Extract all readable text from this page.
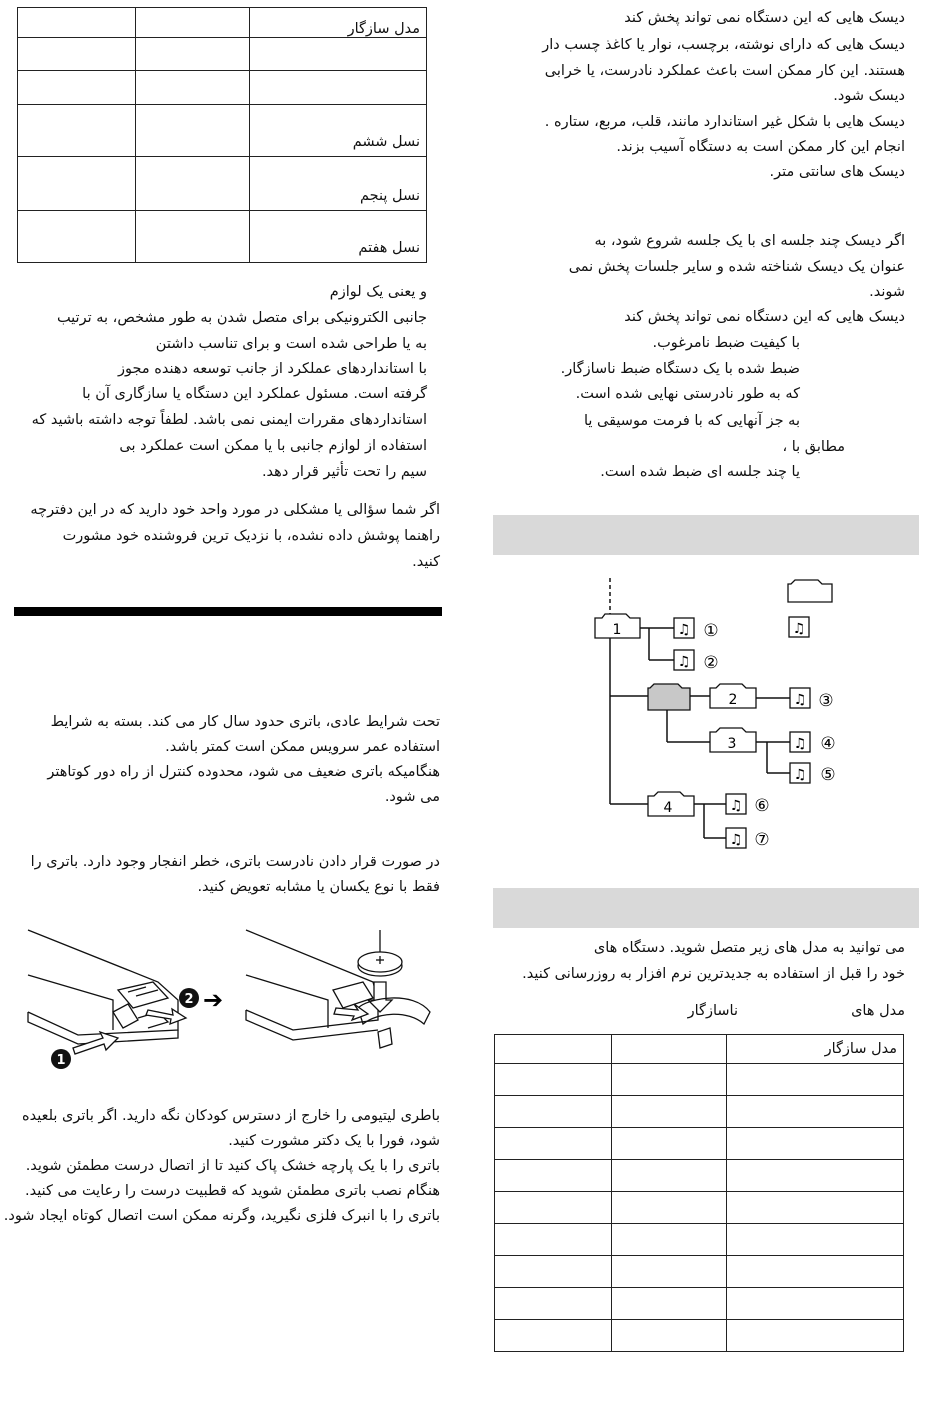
		مدل سازگار

		نسل ششم
		نسل پنجم
		نسل هفتم
و یعنی یک لوازم
جانبی الکترونیکی برای متصل شدن به طور مشخص، به ترتیب
به یا طراحی شده است و برای تناسب داشتن
با استانداردهای عملکرد از جانب توسعه دهنده مجوز
گرفته است. مسئول عملکرد این دستگاه یا سازگاری آن با
استانداردهای مقررات ایمنی نمی باشد. لطفاً توجه داشته باشید که
استفاده از لوازم جانبی با یا ممکن است عملکرد بی
سیم را تحت تأثیر قرار دهد.
اگر شما سؤالی یا مشکلی در مورد واحد خود دارید که در این دفترچه
راهنما پوشش داده نشده، با نزدیک ترین فروشنده خود مشورت
کنید.
تحت شرایط عادی، باتری حدود سال کار می کند. بسته به شرایط
استفاده عمر سرویس ممکن است کمتر باشد.
هنگامیکه باتری ضعیف می شود، محدوده کنترل از راه دور کوتاهتر
می شود.
در صورت قرار دادن نادرست باتری، خطر انفجار وجود دارد. باتری را
فقط با نوع یکسان یا مشابه تعویض کنید.
1
2 ➔
باطری لیتیومی را خارج از دسترس کودکان نگه دارید. اگر باتری بلعیده
شود، فورا با یک دکتر مشورت کنید.
باتری را با یک پارچه خشک پاک کنید تا از اتصال درست مطمئن شوید.
هنگام نصب باتری مطمئن شوید که قطبیت درست را رعایت می کنید.
باتری را با انبرک فلزی نگیرید، وگرنه ممکن است اتصال کوتاه ایجاد شود.
دیسک هایی که این دستگاه نمی تواند پخش کند
دیسک هایی که دارای نوشته، برچسب، نوار یا کاغذ چسب دار
هستند. این کار ممکن است باعث عملکرد نادرست، یا خرابی
دیسک شود.
دیسک هایی با شکل غیر استاندارد مانند، قلب، مربع، ستاره .
انجام این کار ممکن است به دستگاه آسیب بزند.
دیسک های سانتی متر.
اگر دیسک چند جلسه ای با یک جلسه شروع شود، به
عنوان یک دیسک شناخته شده و سایر جلسات پخش نمی
شوند.
دیسک هایی که این دستگاه نمی تواند پخش کند
با کیفیت ضبط نامرغوب.
ضبط شده با یک دستگاه ضبط ناسازگار.
که به طور نادرستی نهایی شده است.
به جز آنهایی که با فرمت موسیقی یا
مطابق با ،
یا چند جلسه ای ضبط شده است.
1	♫ ①
♫ ②
2	♫ ③
3	♫ ④
♫ ⑤
4	♫ ⑥
♫ ⑦
♫
می توانید به مدل های زیر متصل شوید. دستگاه های
خود را قبل از استفاده به جدیدترین نرم افزار به روزرسانی کنید.
مدل های
ناسازگار
		مدل سازگار
